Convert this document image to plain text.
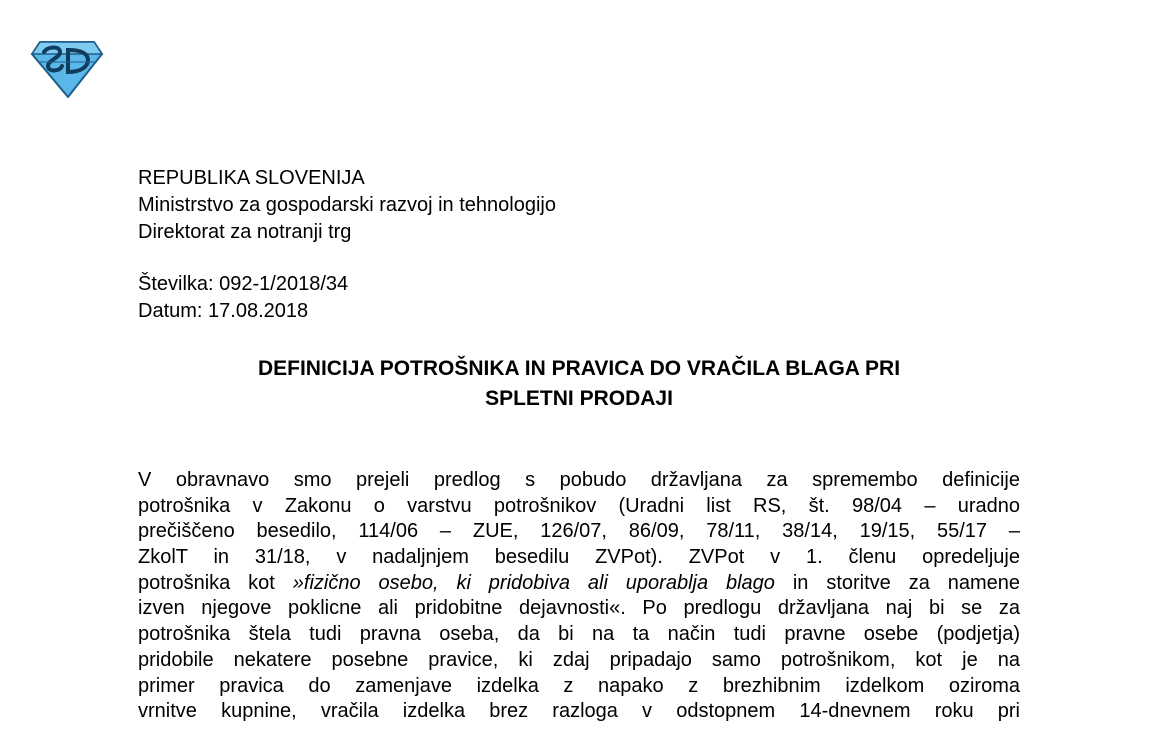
REPUBLIKA SLOVENIJA
Ministrstvo za gospodarski razvoj in tehnologijo
Direktorat za notranji trg
Številka: 092-1/2018/34
Datum: 17.08.2018
DEFINICIJA POTROŠNIKA IN PRAVICA DO VRAČILA BLAGA PRI
SPLETNI PRODAJI
V obravnavo smo prejeli predlog s pobudo državljana za spremembo definicije
potrošnika v Zakonu o varstvu potrošnikov (Uradni list RS, št. 98/04 – uradno
prečiščeno besedilo, 114/06 – ZUE, 126/07, 86/09, 78/11, 38/14, 19/15, 55/17 –
ZkolT in 31/18, v nadaljnjem besedilu ZVPot). ZVPot v 1. členu opredeljuje
potrošnika kot »fizično osebo, ki pridobiva ali uporablja blago in storitve za namene
izven njegove poklicne ali pridobitne dejavnosti«. Po predlogu državljana naj bi se za
potrošnika štela tudi pravna oseba, da bi na ta način tudi pravne osebe (podjetja)
pridobile nekatere posebne pravice, ki zdaj pripadajo samo potrošnikom, kot je na
primer pravica do zamenjave izdelka z napako z brezhibnim izdelkom oziroma
vrnitve kupnine, vračila izdelka brez razloga v odstopnem 14-dnevnem roku pri
